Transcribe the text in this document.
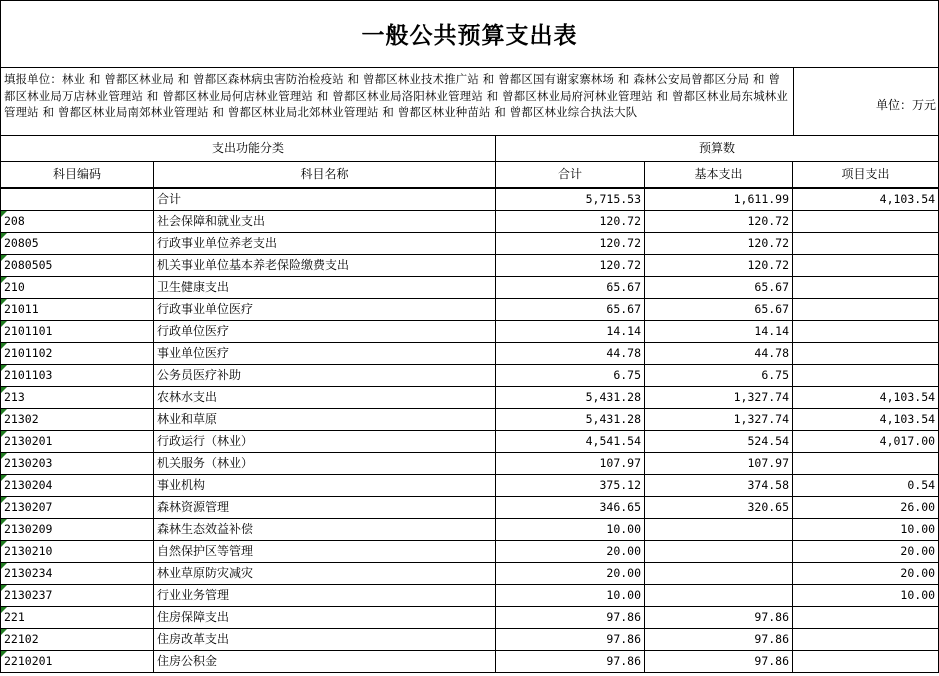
一般公共预算支出表
填报单位：林业 和 曾都区林业局 和 曾都区森林病虫害防治检疫站 和 曾都区林业技术推广站 和 曾都区国有谢家寨林场 和 森林公安局曾都区分局 和 曾都区林业局万店林业管理站 和 曾都区林业局何店林业管理站 和 曾都区林业局洛阳林业管理站 和 曾都区林业局府河林业管理站 和 曾都区林业局东城林业管理站 和 曾都区林业局南郊林业管理站 和 曾都区林业局北郊林业管理站 和 曾都区林业种苗站 和 曾都区林业综合执法大队	单位：万元
支出功能分类		预算数		
科目编码	科目名称	合计	基本支出	项目支出
	合计	5,715.53	1,611.99	4,103.54

208	社会保障和就业支出	120.72	120.72	

20805	行政事业单位养老支出	120.72	120.72	

2080505	机关事业单位基本养老保险缴费支出	120.72	120.72	

210	卫生健康支出	65.67	65.67	

21011	行政事业单位医疗	65.67	65.67	

2101101	行政单位医疗	14.14	14.14	

2101102	事业单位医疗	44.78	44.78	

2101103	公务员医疗补助	6.75	6.75	

213	农林水支出	5,431.28	1,327.74	4,103.54

21302	林业和草原	5,431.28	1,327.74	4,103.54

2130201	行政运行（林业）	4,541.54	524.54	4,017.00

2130203	机关服务（林业）	107.97	107.97	

2130204	事业机构	375.12	374.58	0.54

2130207	森林资源管理	346.65	320.65	26.00

2130209	森林生态效益补偿	10.00		10.00

2130210	自然保护区等管理	20.00		20.00

2130234	林业草原防灾减灾	20.00		20.00

2130237	行业业务管理	10.00		10.00

221	住房保障支出	97.86	97.86	

22102	住房改革支出	97.86	97.86	

2210201	住房公积金	97.86	97.86	
